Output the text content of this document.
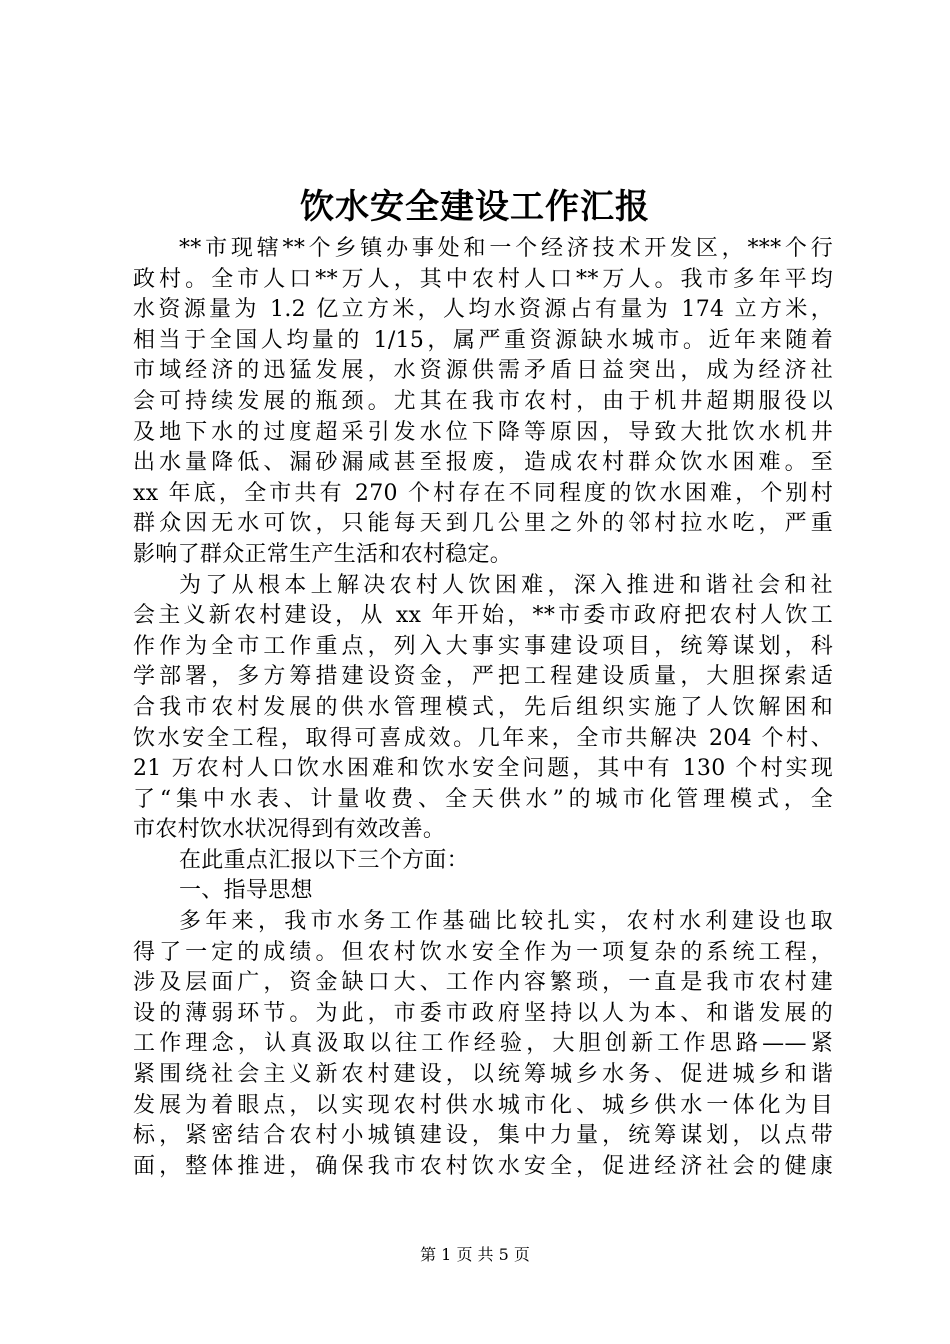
饮水安全建设工作汇报
**市现辖**个乡镇办事处和一个经济技术开发区，***个行
政村。全市人口**万人，其中农村人口**万人。我市多年平均
水资源量为 1.2 亿立方米，人均水资源占有量为 174 立方米，
相当于全国人均量的 1/15，属严重资源缺水城市。近年来随着
市域经济的迅猛发展，水资源供需矛盾日益突出，成为经济社
会可持续发展的瓶颈。尤其在我市农村，由于机井超期服役以
及地下水的过度超采引发水位下降等原因，导致大批饮水机井
出水量降低、漏砂漏咸甚至报废，造成农村群众饮水困难。至
xx 年底，全市共有 270 个村存在不同程度的饮水困难，个别村
群众因无水可饮，只能每天到几公里之外的邻村拉水吃，严重
影响了群众正常生产生活和农村稳定。
为了从根本上解决农村人饮困难，深入推进和谐社会和社
会主义新农村建设，从 xx 年开始，**市委市政府把农村人饮工
作作为全市工作重点，列入大事实事建设项目，统筹谋划，科
学部署，多方筹措建设资金，严把工程建设质量，大胆探索适
合我市农村发展的供水管理模式，先后组织实施了人饮解困和
饮水安全工程，取得可喜成效。几年来，全市共解决 204 个村、
21 万农村人口饮水困难和饮水安全问题，其中有 130 个村实现
了“集中水表、计量收费、全天供水”的城市化管理模式，全
市农村饮水状况得到有效改善。
在此重点汇报以下三个方面：
一、指导思想
多年来，我市水务工作基础比较扎实，农村水利建设也取
得了一定的成绩。但农村饮水安全作为一项复杂的系统工程，
涉及层面广，资金缺口大、工作内容繁琐，一直是我市农村建
设的薄弱环节。为此，市委市政府坚持以人为本、和谐发展的
工作理念，认真汲取以往工作经验，大胆创新工作思路——紧
紧围绕社会主义新农村建设，以统筹城乡水务、促进城乡和谐
发展为着眼点，以实现农村供水城市化、城乡供水一体化为目
标，紧密结合农村小城镇建设，集中力量，统筹谋划，以点带
面，整体推进，确保我市农村饮水安全，促进经济社会的健康
第 1 页 共 5 页
